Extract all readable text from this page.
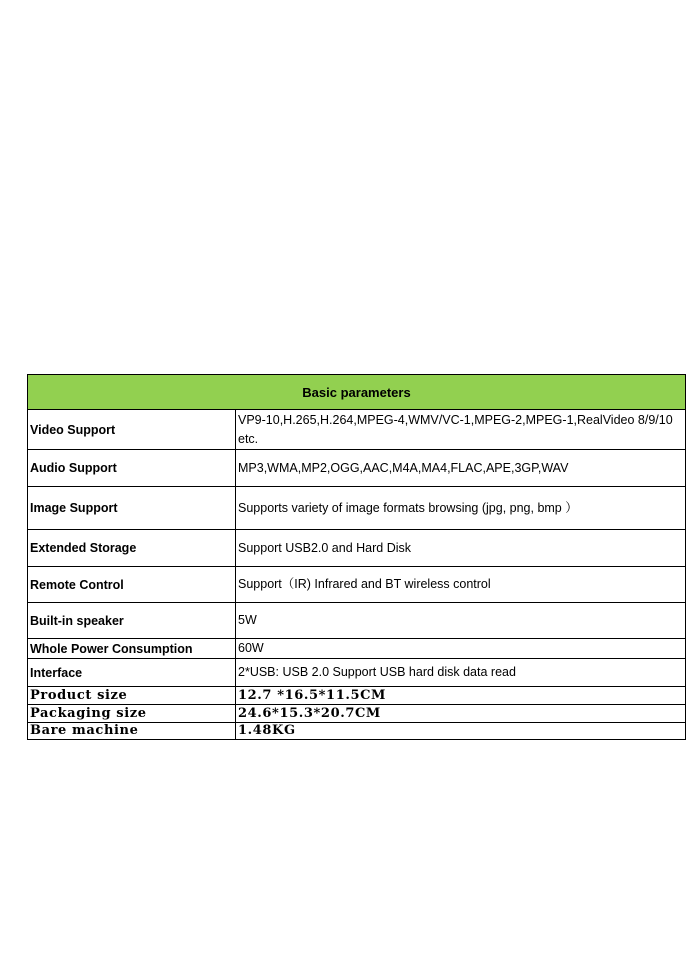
Basic parameters	
Video Support	VP9-10,H.265,H.264,MPEG-4,WMV/VC-1,MPEG-2,MPEG-1,RealVideo 8/9/10 etc.
Audio Support	MP3,WMA,MP2,OGG,AAC,M4A,MA4,FLAC,APE,3GP,WAV
Image Support	Supports variety of image formats browsing (jpg, png, bmp ）
Extended Storage	Support USB2.0 and Hard Disk
Remote Control	Support（IR) Infrared and BT wireless control
Built-in speaker	5W
Whole Power Consumption	60W
Interface	2*USB: USB 2.0 Support USB hard disk data read
Product size	12.7 *16.5*11.5CM
Packaging size	24.6*15.3*20.7CM
Bare machine	1.48KG
